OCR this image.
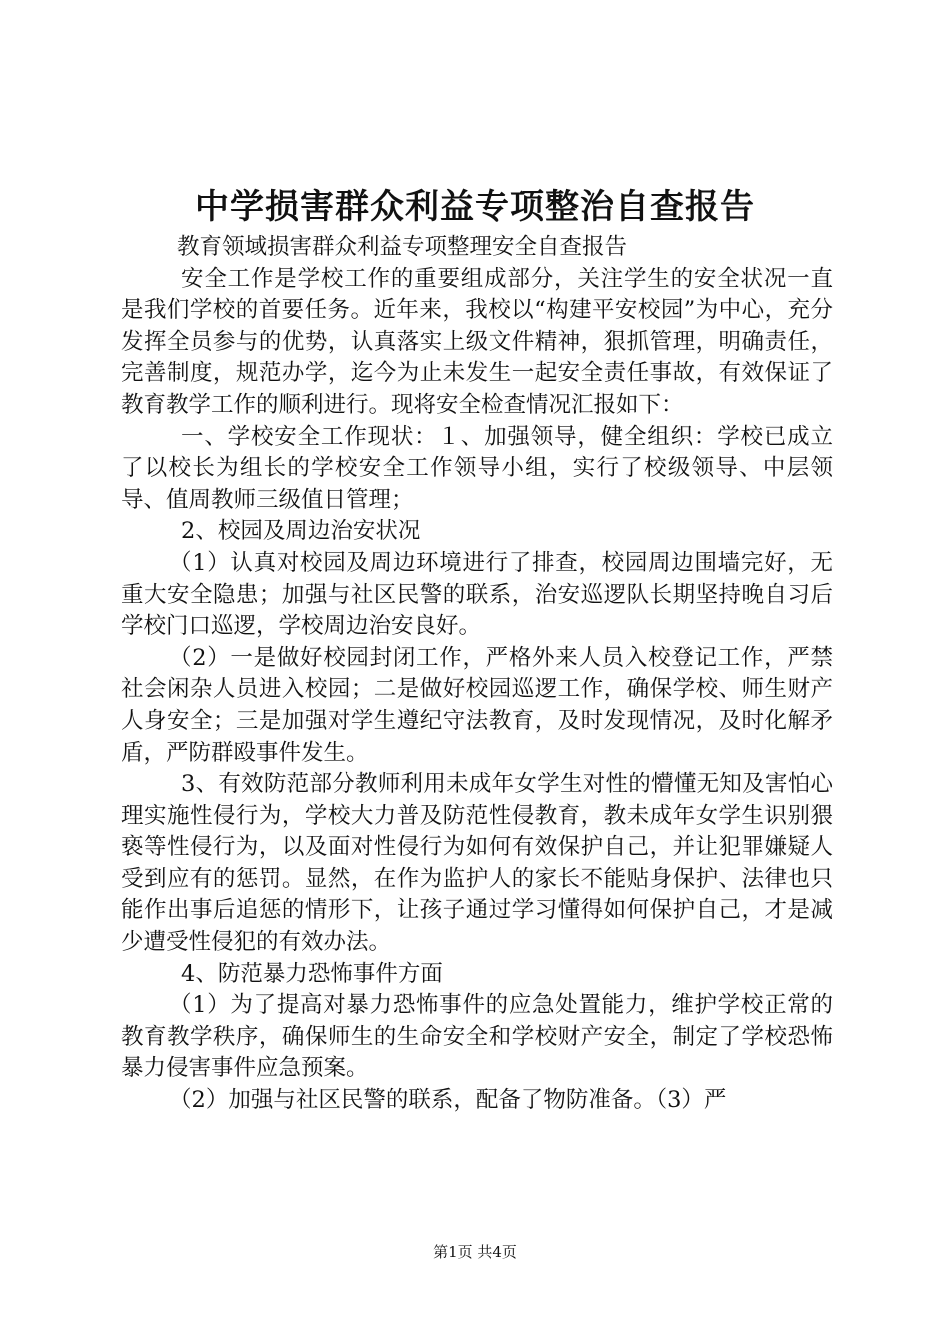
中学损害群众利益专项整治自查报告

教育领域损害群众利益专项整理安全自查报告

安全工作是学校工作的重要组成部分，关注学生的安全状况一直是我们学校的首要任务。近年来，我校以“构建平安校园”为中心，充分发挥全员参与的优势，认真落实上级文件精神，狠抓管理，明确责任，完善制度，规范办学，迄今为止未发生一起安全责任事故，有效保证了教育教学工作的顺利进行。现将安全检查情况汇报如下：

一、学校安全工作现状：１、加强领导，健全组织：学校已成立了以校长为组长的学校安全工作领导小组，实行了校级领导、中层领导、值周教师三级值日管理；

2、校园及周边治安状况

（1）认真对校园及周边环境进行了排查，校园周边围墙完好，无重大安全隐患；加强与社区民警的联系，治安巡逻队长期坚持晚自习后学校门口巡逻，学校周边治安良好。

（2）一是做好校园封闭工作，严格外来人员入校登记工作，严禁社会闲杂人员进入校园；二是做好校园巡逻工作，确保学校、师生财产人身安全；三是加强对学生遵纪守法教育，及时发现情况，及时化解矛盾，严防群殴事件发生。

3、有效防范部分教师利用未成年女学生对性的懵懂无知及害怕心理实施性侵行为，学校大力普及防范性侵教育，教未成年女学生识别猥亵等性侵行为，以及面对性侵行为如何有效保护自己，并让犯罪嫌疑人受到应有的惩罚。显然，在作为监护人的家长不能贴身保护、法律也只能作出事后追惩的情形下，让孩子通过学习懂得如何保护自己，才是减少遭受性侵犯的有效办法。

4、防范暴力恐怖事件方面

（1）为了提高对暴力恐怖事件的应急处置能力，维护学校正常的教育教学秩序，确保师生的生命安全和学校财产安全，制定了学校恐怖暴力侵害事件应急预案。

（2）加强与社区民警的联系，配备了物防准备。（3）严

第1页 共4页
